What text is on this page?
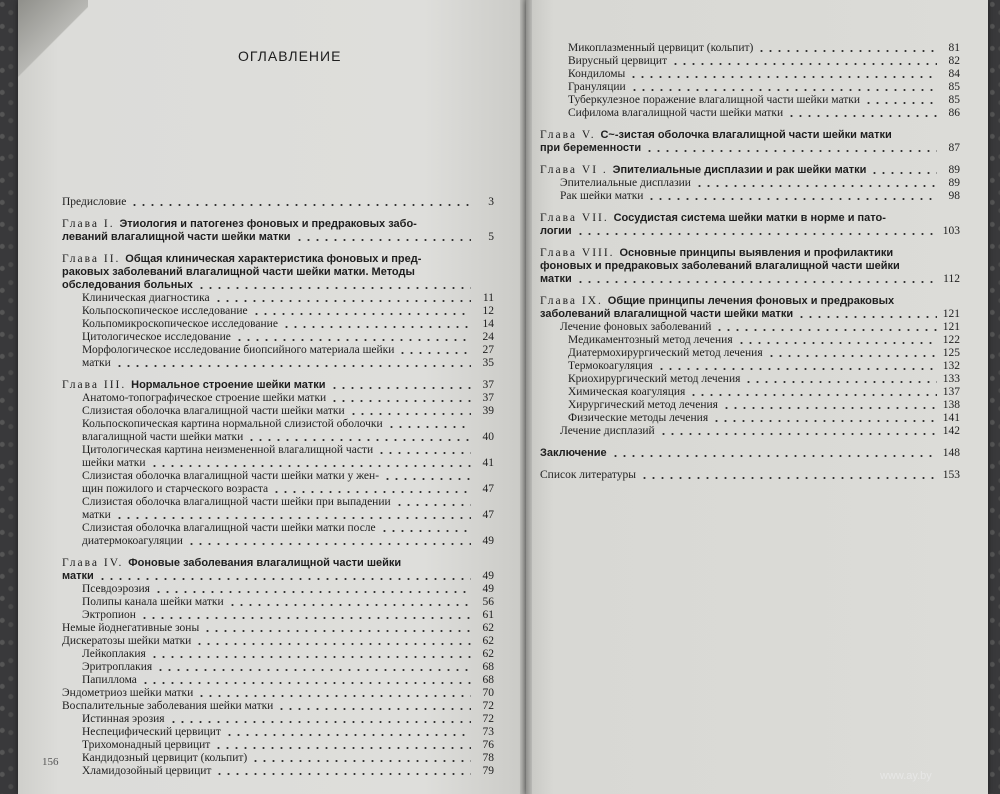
ОГЛАВЛЕНИЕ
Предисловие	3
Глава I. Этиология и патогенез фоновых и предраковых забо-
леваний влагалищной части шейки матки	5
Глава II. Общая клиническая характеристика фоновых и пред-
раковых заболеваний влагалищной части шейки матки. Методы
обследования больных
Клиническая диагностика	11
Кольпоскопическое исследование	12
Кольпомикроскопическое исследование	14
Цитологическое исследование	24
Морфологическое исследование биопсийного материала шейки	27
матки	35
Глава III. Нормальное строение шейки матки	37
Анатомо-топографическое строение шейки матки	37
Слизистая оболочка влагалищной части шейки матки	39
Кольпоскопическая картина нормальной слизистой оболочки
влагалищной части шейки матки	40
Цитологическая картина неизмененной влагалищной части
шейки матки	41
Слизистая оболочка влагалищной части шейки матки у жен-
щин пожилого и старческого возраста	47
Слизистая оболочка влагалищной части шейки при выпадении
матки	47
Слизистая оболочка влагалищной части шейки матки после
диатермокоагуляции	49
Глава IV. Фоновые заболевания влагалищной части шейки
матки	49
Псевдоэрозия	49
Полипы канала шейки матки	56
Эктропион	61
Немые йоднегативные зоны	62
Дискератозы шейки матки	62
Лейкоплакия	62
Эритроплакия	68
Папиллома	68
Эндометриоз шейки матки	70
Воспалительные заболевания шейки матки	72
Истинная эрозия	72
Неспецифический цервицит	73
Трихомонадный цервицит	76
Кандидозный цервицит (кольпит)	78
Хламидозойный цервицит	79
Микоплазменный цервицит (кольпит)	81
Вирусный цервицит	82
Кондиломы	84
Грануляции	85
Туберкулезное поражение влагалищной части шейки матки	85
Сифилома влагалищной части шейки матки	86
Глава V. С~-зистая оболочка влагалищной части шейки матки
при беременности	87
Глава VI . Эпителиальные дисплазии и рак шейки матки	89
Эпителиальные дисплазии	89
Рак шейки матки	98
Глава VII. Сосудистая система шейки матки в норме и пато-
логии	103
Глава VIII. Основные принципы выявления и профилактики
фоновых и предраковых заболеваний влагалищной части шейки
матки	112
Глава IX. Общие принципы лечения фоновых и предраковых
заболеваний влагалищной части шейки матки	121
Лечение фоновых заболеваний	121
Медикаментозный метод лечения	122
Диатермохирургический метод лечения	125
Термокоагуляция	132
Криохирургический метод лечения	133
Химическая коагуляция	137
Хирургический метод лечения	138
Физические методы лечения	141
Лечение дисплазий	142
Заключение	148
Список литературы	153
156
www.ay.by
